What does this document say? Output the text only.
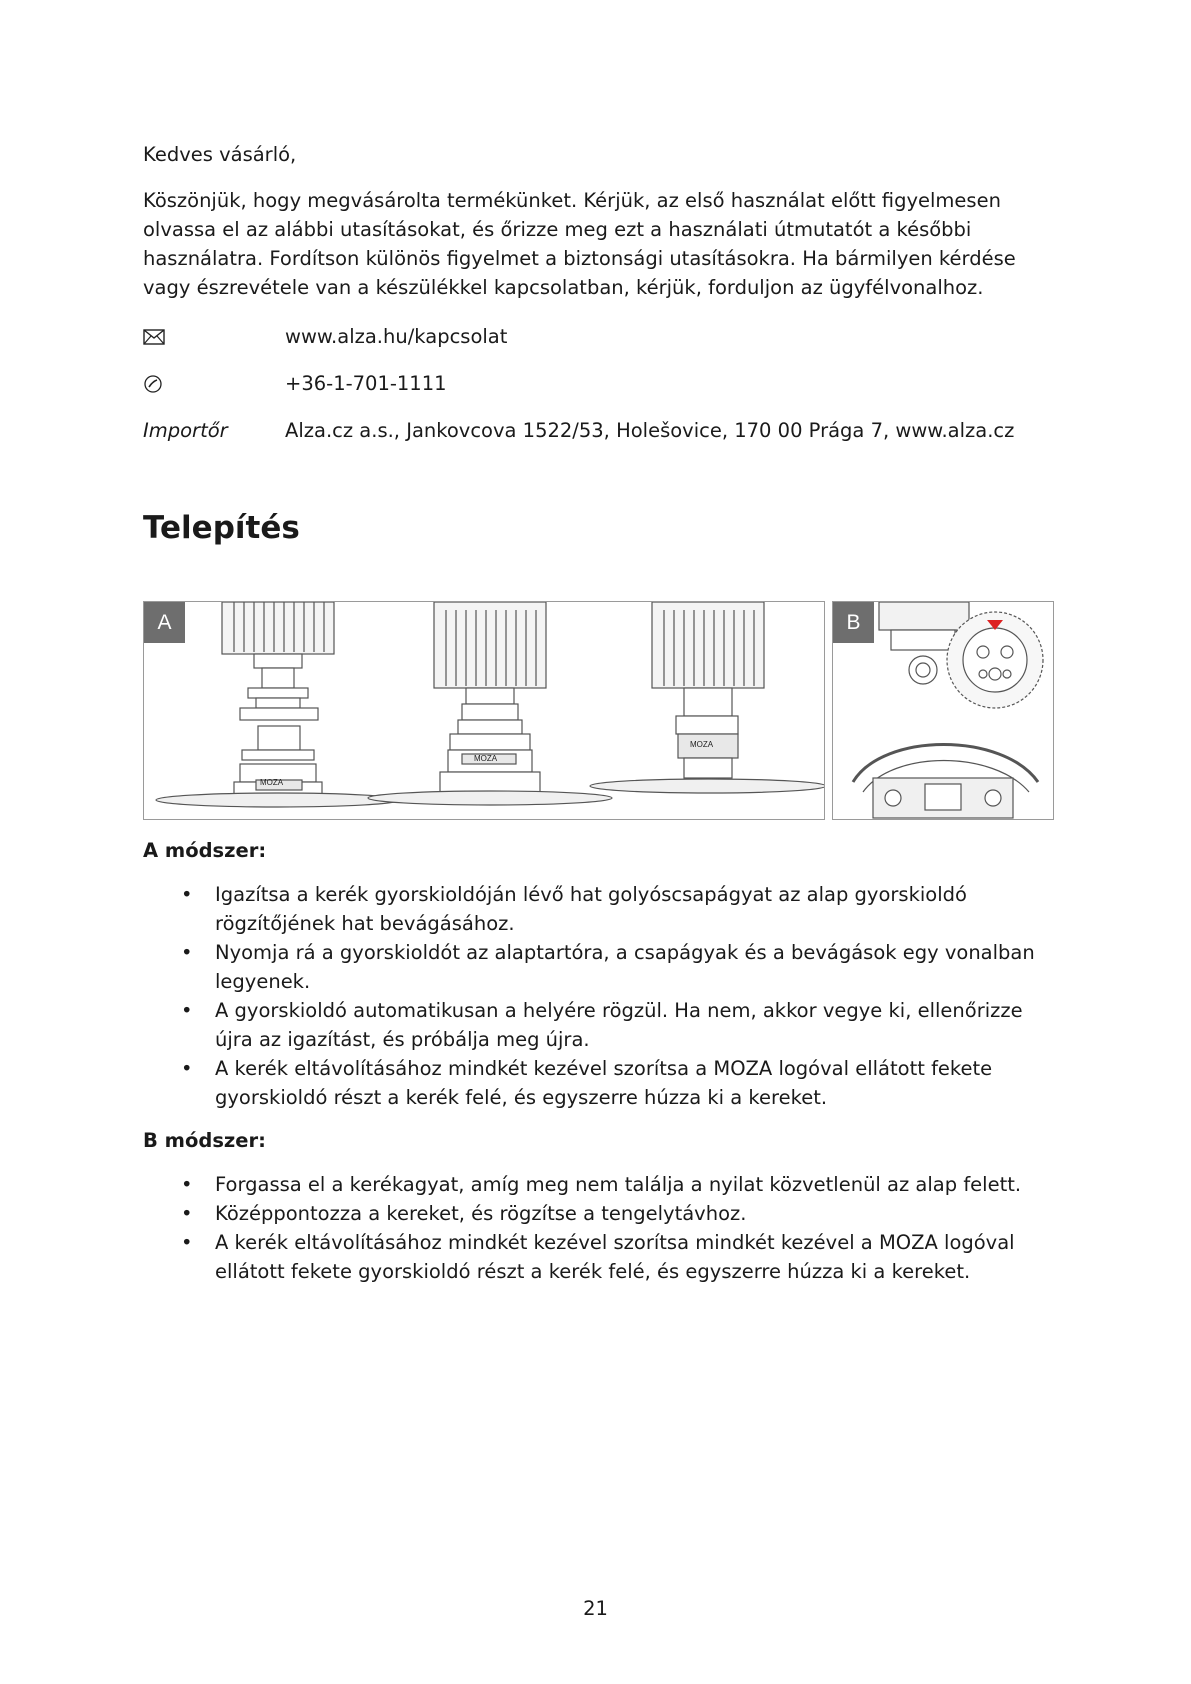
Kedves vásárló,

Köszönjük, hogy megvásárolta termékünket. Kérjük, az első használat előtt figyelmesen olvassa el az alábbi utasításokat, és őrizze meg ezt a használati útmutatót a későbbi használatra. Fordítson különös figyelmet a biztonsági utasításokra. Ha bármilyen kérdése vagy észrevétele van a készülékkel kapcsolatban, kérjük, forduljon az ügyfélvonalhoz.

www.alza.hu/kapcsolat
+36-1-701-1111
Importőr	Alza.cz a.s., Jankovcova 1522/53, Holešovice, 170 00 Prága 7, www.alza.cz
Telepítés
A
MOZA
MOZA
MOZA
B

A módszer:

• Igazítsa a kerék gyorskioldóján lévő hat golyóscsapágyat az alap gyorskioldó rögzítőjének hat bevágásához.
• Nyomja rá a gyorskioldót az alaptartóra, a csapágyak és a bevágások egy vonalban legyenek.
• A gyorskioldó automatikusan a helyére rögzül. Ha nem, akkor vegye ki, ellenőrizze újra az igazítást, és próbálja meg újra.
• A kerék eltávolításához mindkét kezével szorítsa a MOZA logóval ellátott fekete gyorskioldó részt a kerék felé, és egyszerre húzza ki a kereket.

B módszer:

• Forgassa el a kerékagyat, amíg meg nem találja a nyilat közvetlenül az alap felett.
• Középpontozza a kereket, és rögzítse a tengelytávhoz.
• A kerék eltávolításához mindkét kezével szorítsa mindkét kezével a MOZA logóval ellátott fekete gyorskioldó részt a kerék felé, és egyszerre húzza ki a kereket.
21
